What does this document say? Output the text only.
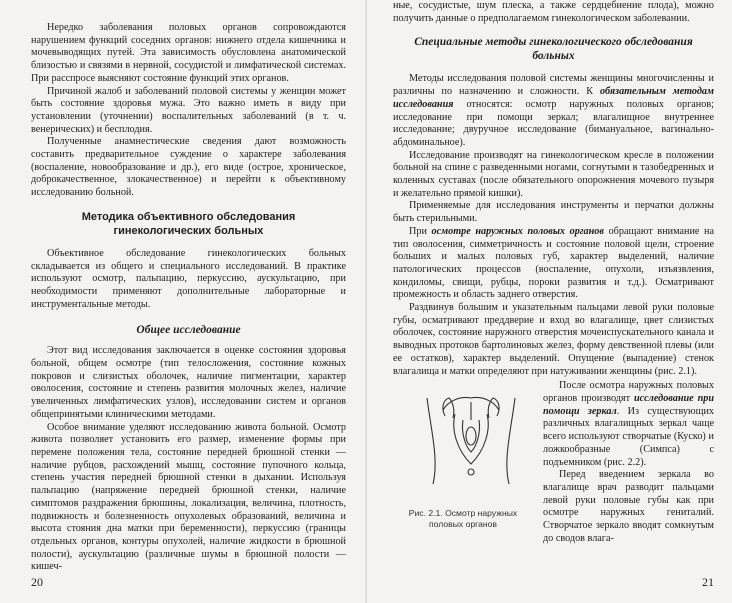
Нередко заболевания половых органов сопровождаются нарушением функций соседних органов: нижнего отдела кишечника и мочевыводящих путей. Эта зависимость обусловлена анатомической близостью и связями в нервной, сосудистой и лимфатической системах. При расспросе выясняют состояние функций этих органов.

Причиной жалоб и заболеваний половой системы у женщин может быть состояние здоровья мужа. Это важно иметь в виду при установлении (уточнении) воспалительных заболеваний (в т. ч. венерических) и бесплодия.

Полученные анамнестические сведения дают возможность составить предварительное суждение о характере заболевания (воспаление, новообразование и др.), его виде (острое, хроническое, доброкачественное, злокачественное) и перейти к объективному исследованию больной.

Методика объективного обследования гинекологических больных

Объективное обследование гинекологических больных складывается из общего и специального исследований. В практике используют осмотр, пальпацию, перкуссию, аускультацию, при необходимости применяют дополнительные лабораторные и инструментальные методы.

Общее исследование

Этот вид исследования заключается в оценке состояния здоровья больной, общем осмотре (тип телосложения, состояние кожных покровов и слизистых оболочек, наличие пигментации, характер оволосения, состояние и степень развития молочных желез, наличие увеличенных лимфатических узлов), исследовании систем и органов общепринятыми клиническими методами.

Особое внимание уделяют исследованию живота больной. Осмотр живота позволяет установить его размер, изменение формы при перемене положения тела, состояние передней брюшной стенки — наличие рубцов, расхождений мышц, состояние пупочного кольца, степень участия передней брюшной стенки в дыхании. Используя пальпацию (напряжение передней брюшной стенки, наличие симптомов раздражения брюшины, локализация, величина, плотность, подвижность и болезненность опухолевых образований, величина и высота стояния дна матки при беременности), перкуссию (границы отдельных органов, контуры опухолей, наличие жидкости в брюшной полости), аускультацию (различные шумы в брюшной полости — кишеч-

20

ные, сосудистые, шум плеска, а также сердцебиение плода), можно получить данные о предполагаемом гинекологическом заболевании.

Специальные методы гинекологического обследования больных

Методы исследования половой системы женщины многочисленны и различны по назначению и сложности. К обязательным методам исследования относятся: осмотр наружных половых органов; исследование при помощи зеркал; влагалищное внутреннее исследование; двуручное исследование (бимануальное, вагинально-абдоминальное).

Исследование производят на гинекологическом кресле в положении больной на спине с разведенными ногами, согнутыми в тазобедренных и коленных суставах (после обязательного опорожнения мочевого пузыря и желательно прямой кишки).

Применяемые для исследования инструменты и перчатки должны быть стерильными.

При осмотре наружных половых органов обращают внимание на тип оволосения, симметричность и состояние половой щели, строение больших и малых половых губ, характер выделений, наличие патологических процессов (воспаление, опухоли, изъязвления, кондиломы, свищи, рубцы, пороки развития и т.д.). Осматривают промежность и область заднего отверстия.

Раздвинув большим и указательным пальцами левой руки половые губы, осматривают преддверие и вход во влагалище, цвет слизистых оболочек, состояние наружного отверстия мочеиспускательного канала и выводных протоков бартолиновых желез, форму девственной плевы (или ее остатков), характер выделений. Опущение (выпадение) стенок влагалища и матки определяют при натуживании женщины (рис. 2.1).

Рис. 2.1. Осмотр наружных половых органов

После осмотра наружных половых органов производят исследование при помощи зеркал. Из существующих различных влагалищных зеркал чаще всего используют створчатые (Куско) и ложкообразные (Симпса) с подъемником (рис. 2.2).

Перед введением зеркала во влагалище врач разводит пальцами левой руки половые губы как при осмотре наружных гениталий. Створчатое зеркало вводят сомкнутым до сводов влага-

21
